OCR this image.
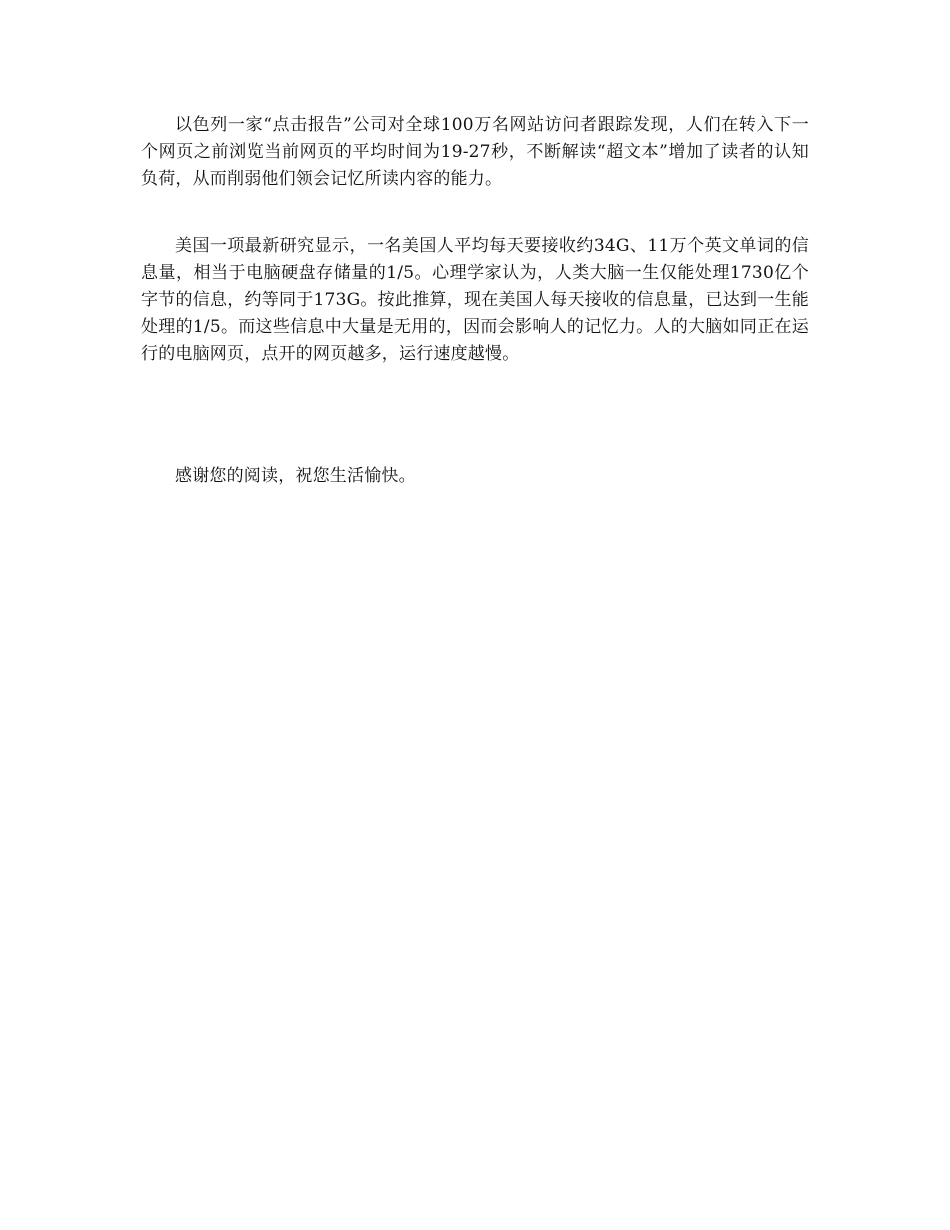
以色列一家“点击报告”公司对全球100万名网站访问者跟踪发现，人们在转入下一个网页之前浏览当前网页的平均时间为19-27秒，不断解读“超文本”增加了读者的认知负荷，从而削弱他们领会记忆所读内容的能力。

美国一项最新研究显示，一名美国人平均每天要接收约34G、11万个英文单词的信息量，相当于电脑硬盘存储量的1/5。心理学家认为，人类大脑一生仅能处理1730亿个字节的信息，约等同于173G。按此推算，现在美国人每天接收的信息量，已达到一生能处理的1/5。而这些信息中大量是无用的，因而会影响人的记忆力。人的大脑如同正在运行的电脑网页，点开的网页越多，运行速度越慢。

感谢您的阅读，祝您生活愉快。
